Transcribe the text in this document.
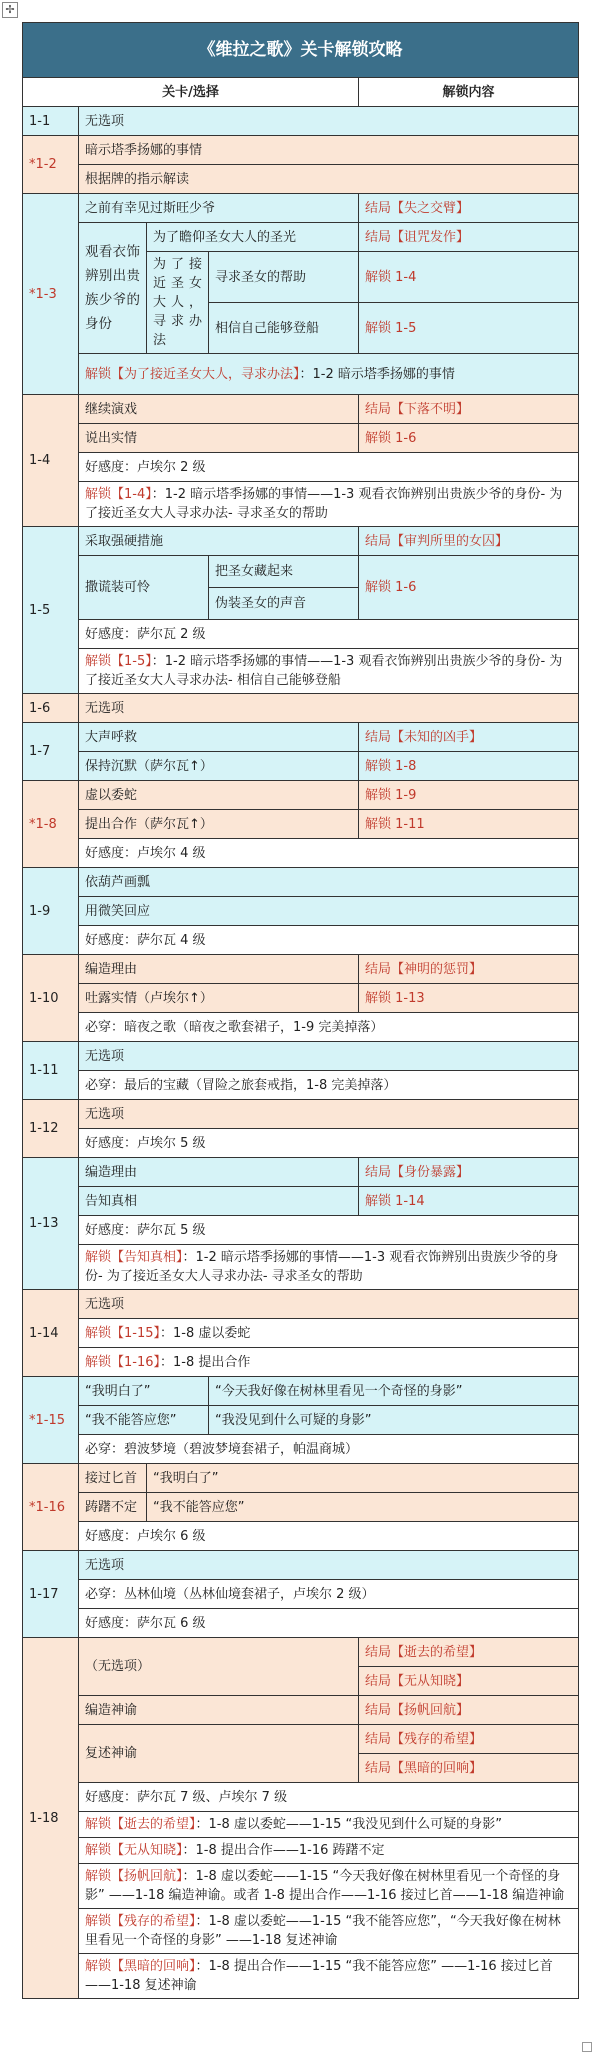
✢
《维拉之歌》关卡解锁攻略				
关卡/选择				解锁内容
1-1	无选项			
*1-2	暗示塔季扬娜的事情			
	根据牌的指示解读			
*1-3	之前有幸见过斯旺少爷			结局【失之交臂】
	观看衣饰辨别出贵族少爷的身份	为了瞻仰圣女大人的圣光		结局【诅咒发作】
		为了接近圣女大人，寻求办法	寻求圣女的帮助	解锁 1-4
			相信自己能够登船	解锁 1-5
	解锁【为了接近圣女大人，寻求办法】：1-2 暗示塔季扬娜的事情			
1-4	继续演戏			结局【下落不明】
	说出实情			解锁 1-6
	好感度：卢埃尔 2 级			
	解锁【1-4】：1-2 暗示塔季扬娜的事情——1-3 观看衣饰辨别出贵族少爷的身份- 为了接近圣女大人寻求办法- 寻求圣女的帮助			
1-5	采取强硬措施			结局【审判所里的女囚】
	撒谎装可怜		把圣女藏起来	解锁 1-6
			伪装圣女的声音	
	好感度：萨尔瓦 2 级			
	解锁【1-5】：1-2 暗示塔季扬娜的事情——1-3 观看衣饰辨别出贵族少爷的身份- 为了接近圣女大人寻求办法- 相信自己能够登船			
1-6	无选项			
1-7	大声呼救			结局【未知的凶手】
	保持沉默（萨尔瓦↑）			解锁 1-8
*1-8	虚以委蛇			解锁 1-9
	提出合作（萨尔瓦↑）			解锁 1-11
	好感度：卢埃尔 4 级			
1-9	依葫芦画瓢			
	用微笑回应			
	好感度：萨尔瓦 4 级			
1-10	编造理由			结局【神明的惩罚】
	吐露实情（卢埃尔↑）			解锁 1-13
	必穿：暗夜之歌（暗夜之歌套裙子，1-9 完美掉落）			
1-11	无选项			
	必穿：最后的宝藏（冒险之旅套戒指，1-8 完美掉落）			
1-12	无选项			
	好感度：卢埃尔 5 级			
1-13	编造理由			结局【身份暴露】
	告知真相			解锁 1-14
	好感度：萨尔瓦 5 级			
	解锁【告知真相】：1-2 暗示塔季扬娜的事情——1-3 观看衣饰辨别出贵族少爷的身份- 为了接近圣女大人寻求办法- 寻求圣女的帮助			
1-14	无选项			
	解锁【1-15】：1-8 虚以委蛇			
	解锁【1-16】：1-8 提出合作			
*1-15	“我明白了”		“今天我好像在树林里看见一个奇怪的身影”	
	“我不能答应您”		“我没见到什么可疑的身影”	
	必穿：碧波梦境（碧波梦境套裙子，帕温商城）			
*1-16	接过匕首	“我明白了”		
	踌躇不定	“我不能答应您”		
	好感度：卢埃尔 6 级			
1-17	无选项			
	必穿：丛林仙境（丛林仙境套裙子，卢埃尔 2 级）			
	好感度：萨尔瓦 6 级			
1-18	（无选项）			结局【逝去的希望】
				结局【无从知晓】
	编造神谕			结局【扬帆回航】
	复述神谕			结局【残存的希望】
				结局【黑暗的回响】
	好感度：萨尔瓦 7 级、卢埃尔 7 级			
	解锁【逝去的希望】：1-8 虚以委蛇——1-15 “我没见到什么可疑的身影”			
	解锁【无从知晓】：1-8 提出合作——1-16 踌躇不定			
	解锁【扬帆回航】：1-8 虚以委蛇——1-15 “今天我好像在树林里看见一个奇怪的身影” ——1-18 编造神谕。或者 1-8 提出合作——1-16 接过匕首——1-18 编造神谕			
	解锁【残存的希望】：1-8 虚以委蛇——1-15 “我不能答应您”，“今天我好像在树林里看见一个奇怪的身影” ——1-18 复述神谕			
	解锁【黑暗的回响】：1-8 提出合作——1-15 “我不能答应您” ——1-16 接过匕首——1-18 复述神谕			
